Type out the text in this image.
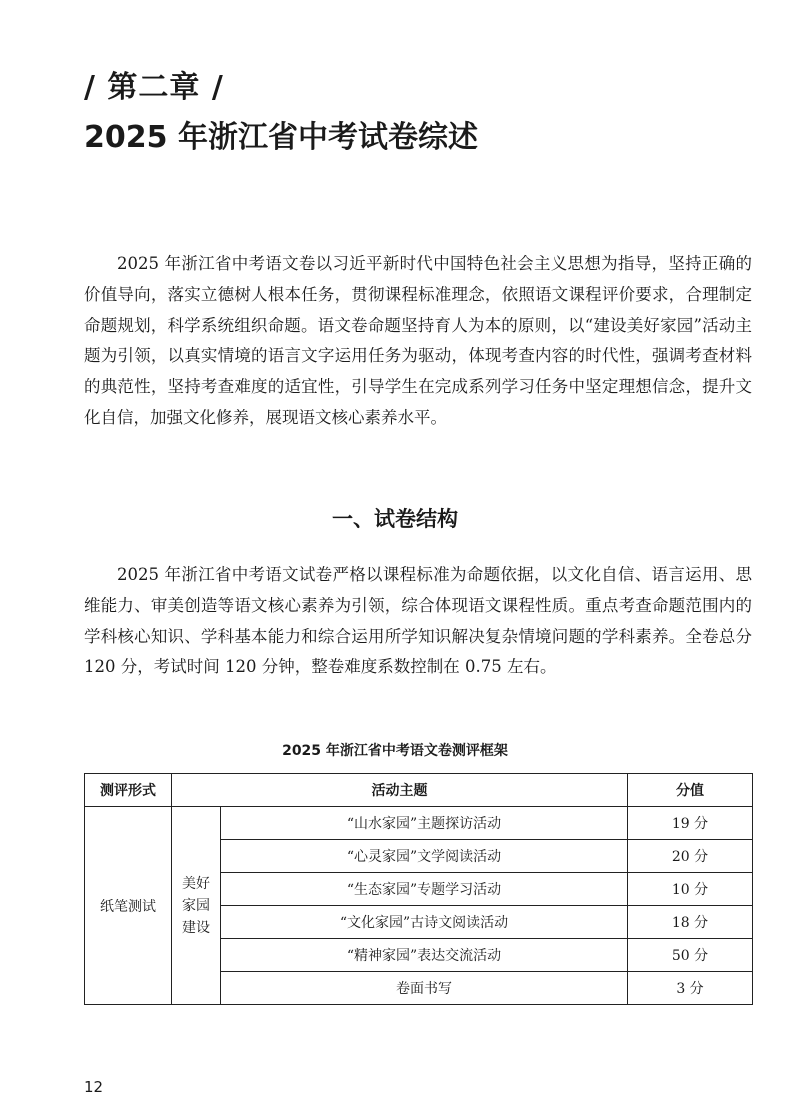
/ 第二章 /
2025 年浙江省中考试卷综述

2025 年浙江省中考语文卷以习近平新时代中国特色社会主义思想为指导，坚持正确的价值导向，落实立德树人根本任务，贯彻课程标准理念，依照语文课程评价要求，合理制定命题规划，科学系统组织命题。语文卷命题坚持育人为本的原则，以“建设美好家园”活动主题为引领，以真实情境的语言文字运用任务为驱动，体现考查内容的时代性，强调考查材料的典范性，坚持考查难度的适宜性，引导学生在完成系列学习任务中坚定理想信念，提升文化自信，加强文化修养，展现语文核心素养水平。

一、试卷结构

2025 年浙江省中考语文试卷严格以课程标准为命题依据，以文化自信、语言运用、思维能力、审美创造等语文核心素养为引领，综合体现语文课程性质。重点考查命题范围内的学科核心知识、学科基本能力和综合运用所学知识解决复杂情境问题的学科素养。全卷总分 120 分，考试时间 120 分钟，整卷难度系数控制在 0.75 左右。

2025 年浙江省中考语文卷测评框架
测评形式	活动主题		分值
纸笔测试	美好家园建设	“山水家园”主题探访活动	19 分
		“心灵家园”文学阅读活动	20 分
		“生态家园”专题学习活动	10 分
		“文化家园”古诗文阅读活动	18 分
		“精神家园”表达交流活动	50 分
		卷面书写	3 分
12
